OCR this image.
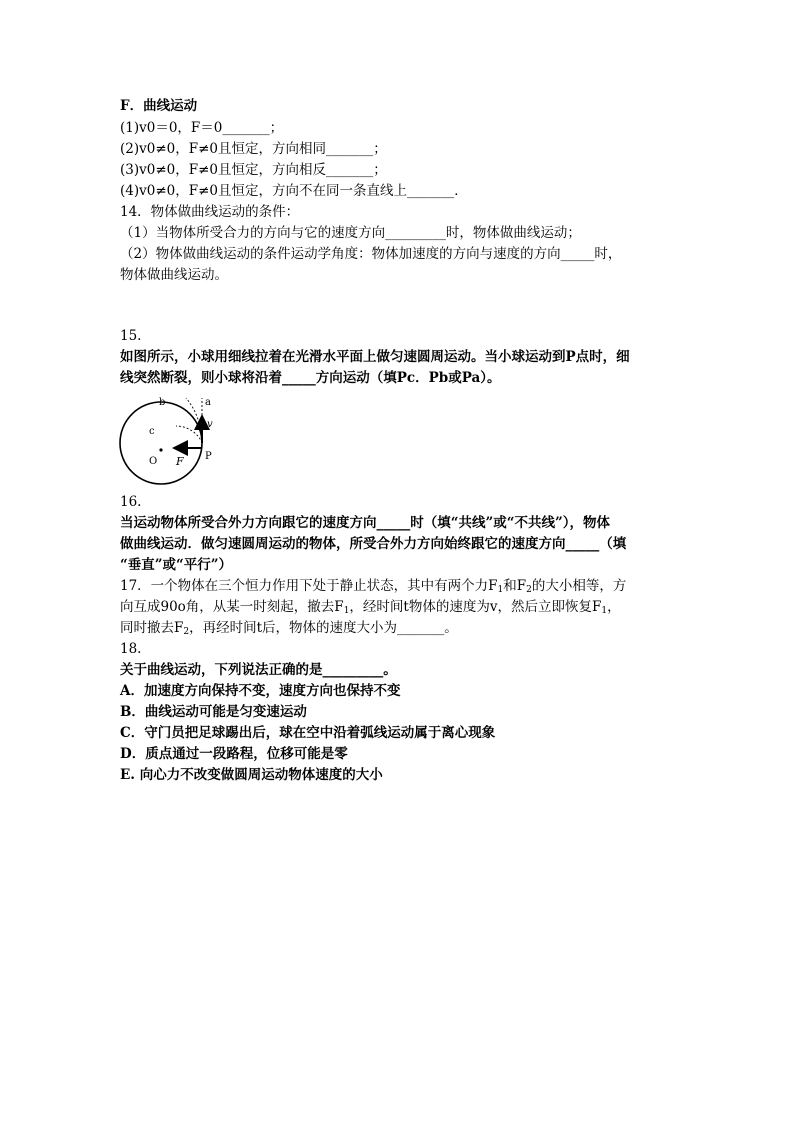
F．曲线运动
(1)v0＝0，F＝0_______；
(2)v0≠0，F≠0且恒定，方向相同_______；
(3)v0≠0，F≠0且恒定，方向相反_______；
(4)v0≠0，F≠0且恒定，方向不在同一条直线上_______．
14．物体做曲线运动的条件：
（1）当物体所受合力的方向与它的速度方向_________时，物体做曲线运动；
（2）物体做曲线运动的条件运动学角度：物体加速度的方向与速度的方向_____时，
物体做曲线运动。
15.
如图所示，小球用细线拉着在光滑水平面上做匀速圆周运动。当小球运动到P点时，细
线突然断裂，则小球将沿着_____方向运动（填Pc．Pb或Pa）。
a
b
c
v
O F P
16.
当运动物体所受合外力方向跟它的速度方向_____时（填“共线”或“不共线”），物体
做曲线运动．做匀速圆周运动的物体，所受合外力方向始终跟它的速度方向_____（填
“垂直”或“平行”）
17．一个物体在三个恒力作用下处于静止状态，其中有两个力$F_1$和$F_2$的大小相等，方
向互成90o角，从某一时刻起，撤去$F_1$，经时间t物体的速度为v，然后立即恢复$F_1$，
同时撤去$F_2$，再经时间t后，物体的速度大小为_______。
18.
关于曲线运动，下列说法正确的是_________。
A．加速度方向保持不变，速度方向也保持不变
B．曲线运动可能是匀变速运动
C．守门员把足球踢出后，球在空中沿着弧线运动属于离心现象
D．质点通过一段路程，位移可能是零
E. 向心力不改变做圆周运动物体速度的大小
